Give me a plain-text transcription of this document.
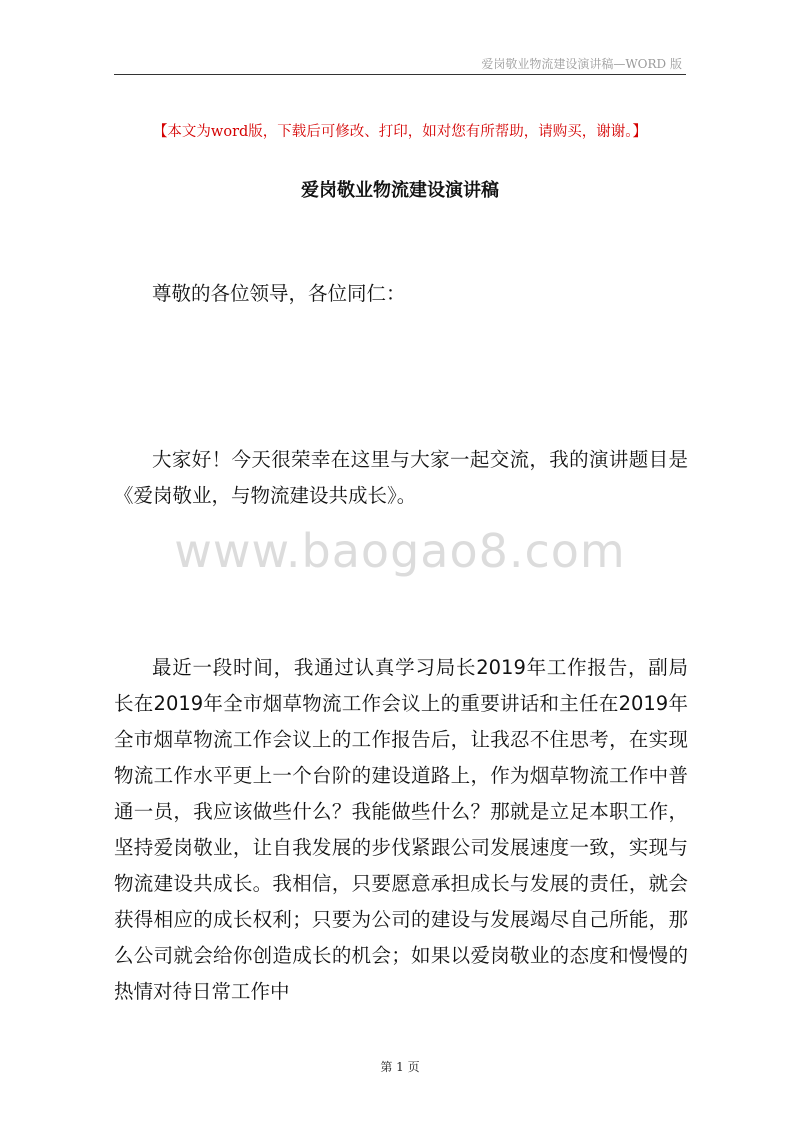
爱岗敬业物流建设演讲稿—WORD 版
【本文为word版，下载后可修改、打印，如对您有所帮助，请购买，谢谢。】
爱岗敬业物流建设演讲稿
尊敬的各位领导，各位同仁：
大家好！今天很荣幸在这里与大家一起交流，我的演讲题目是《爱岗敬业，与物流建设共成长》。
www.baogao8.com
最近一段时间，我通过认真学习局长2019年工作报告，副局长在2019年全市烟草物流工作会议上的重要讲话和主任在2019年全市烟草物流工作会议上的工作报告后，让我忍不住思考，在实现物流工作水平更上一个台阶的建设道路上，作为烟草物流工作中普通一员，我应该做些什么？我能做些什么？那就是立足本职工作，坚持爱岗敬业，让自我发展的步伐紧跟公司发展速度一致，实现与物流建设共成长。我相信，只要愿意承担成长与发展的责任，就会获得相应的成长权利；只要为公司的建设与发展竭尽自己所能，那么公司就会给你创造成长的机会；如果以爱岗敬业的态度和慢慢的热情对待日常工作中
第 1 页
